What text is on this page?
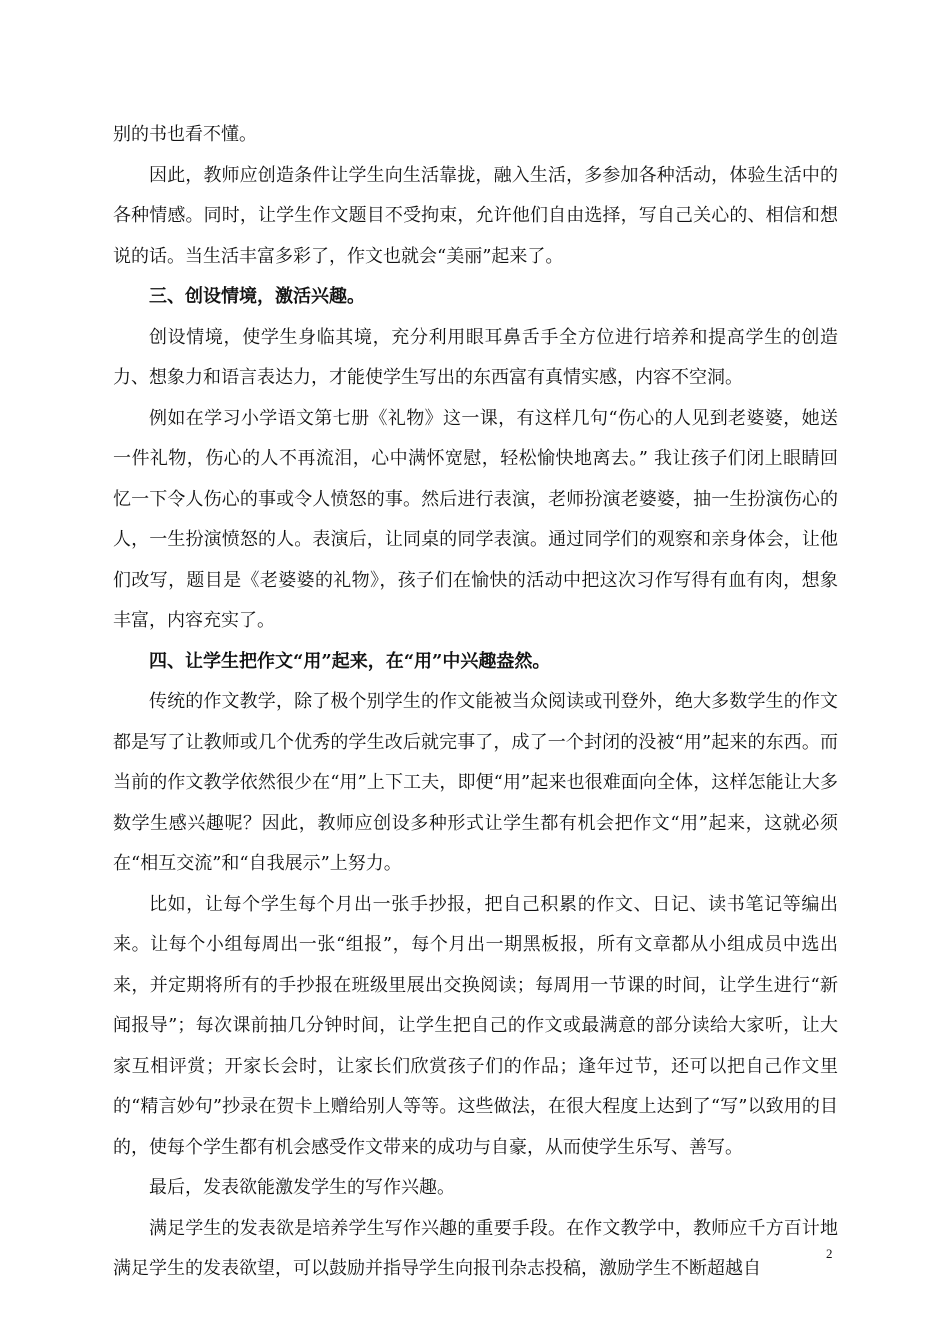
别的书也看不懂。

因此，教师应创造条件让学生向生活靠拢，融入生活，多参加各种活动，体验生活中的各种情感。同时，让学生作文题目不受拘束，允许他们自由选择，写自己关心的、相信和想说的话。当生活丰富多彩了，作文也就会“美丽”起来了。

三、创设情境，激活兴趣。

创设情境，使学生身临其境，充分利用眼耳鼻舌手全方位进行培养和提高学生的创造力、想象力和语言表达力，才能使学生写出的东西富有真情实感，内容不空洞。

例如在学习小学语文第七册《礼物》这一课，有这样几句“伤心的人见到老婆婆，她送一件礼物，伤心的人不再流泪，心中满怀宽慰，轻松愉快地离去。” 我让孩子们闭上眼睛回忆一下令人伤心的事或令人愤怒的事。然后进行表演，老师扮演老婆婆，抽一生扮演伤心的人，一生扮演愤怒的人。表演后，让同桌的同学表演。通过同学们的观察和亲身体会，让他们改写，题目是《老婆婆的礼物》，孩子们在愉快的活动中把这次习作写得有血有肉，想象丰富，内容充实了。

四、让学生把作文“用”起来，在“用”中兴趣盎然。

传统的作文教学，除了极个别学生的作文能被当众阅读或刊登外，绝大多数学生的作文都是写了让教师或几个优秀的学生改后就完事了，成了一个封闭的没被“用”起来的东西。而当前的作文教学依然很少在“用”上下工夫，即便“用”起来也很难面向全体，这样怎能让大多数学生感兴趣呢？因此，教师应创设多种形式让学生都有机会把作文“用”起来，这就必须在“相互交流”和“自我展示”上努力。

比如，让每个学生每个月出一张手抄报，把自己积累的作文、日记、读书笔记等编出来。让每个小组每周出一张“组报”，每个月出一期黑板报，所有文章都从小组成员中选出来，并定期将所有的手抄报在班级里展出交换阅读；每周用一节课的时间，让学生进行“新闻报导”；每次课前抽几分钟时间，让学生把自己的作文或最满意的部分读给大家听，让大家互相评赏；开家长会时，让家长们欣赏孩子们的作品；逢年过节，还可以把自己作文里的“精言妙句”抄录在贺卡上赠给别人等等。这些做法，在很大程度上达到了“写”以致用的目的，使每个学生都有机会感受作文带来的成功与自豪，从而使学生乐写、善写。

最后，发表欲能激发学生的写作兴趣。

满足学生的发表欲是培养学生写作兴趣的重要手段。在作文教学中，教师应千方百计地满足学生的发表欲望，可以鼓励并指导学生向报刊杂志投稿，激励学生不断超越自

2
